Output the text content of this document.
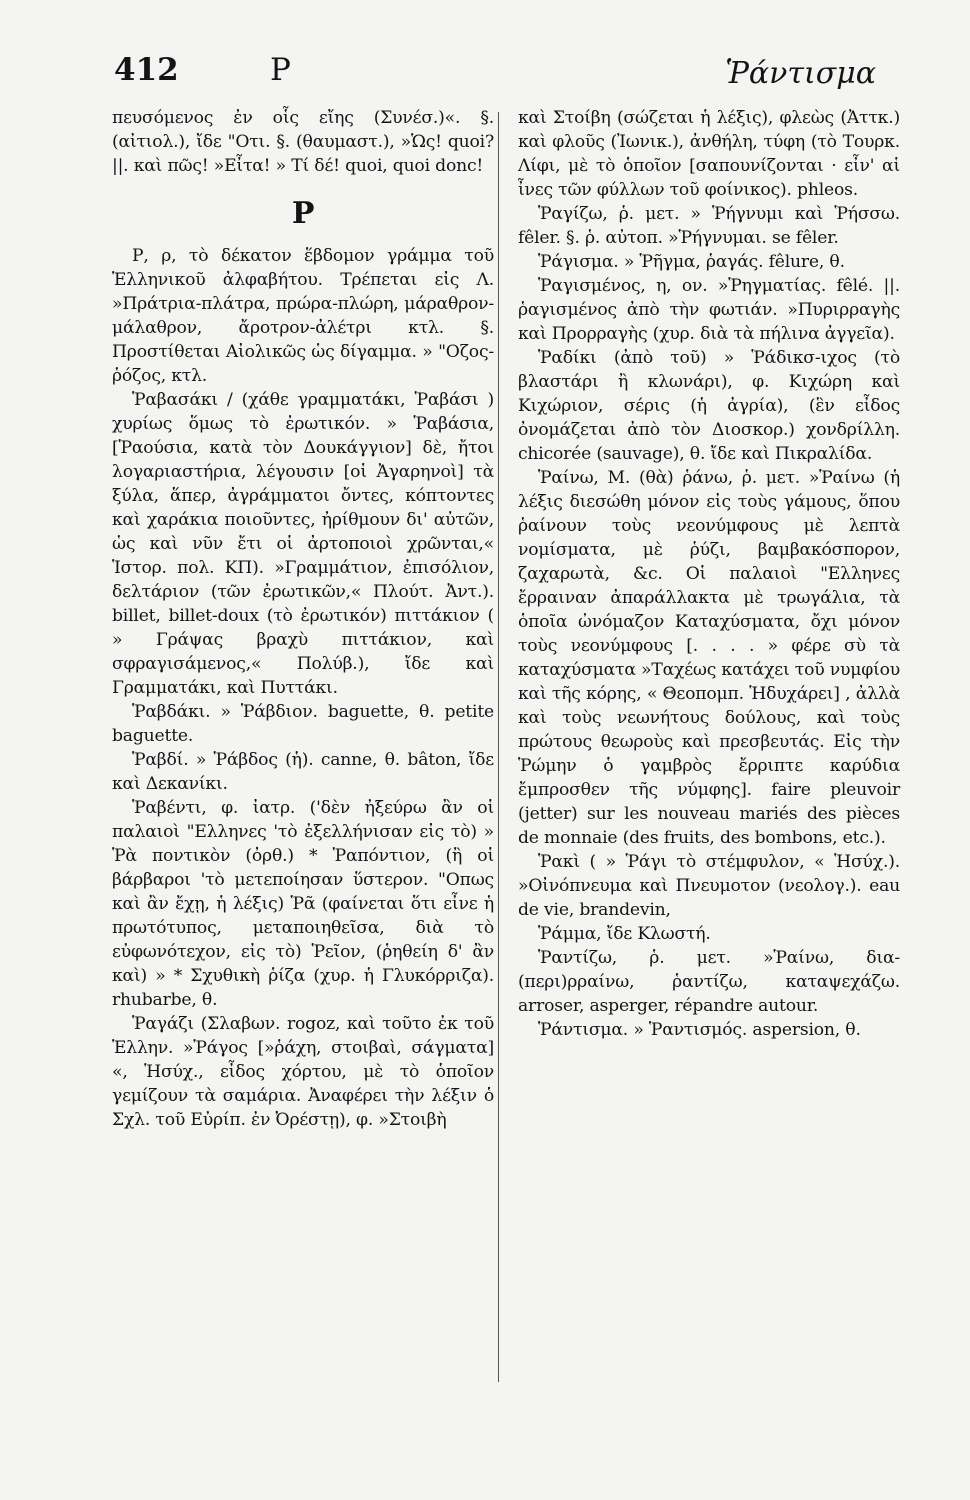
412	Ρ	Ῥάντισμα

πευσόμενος ἐν οἷς εἴης (Συνέσ.)«. §. (αἰτιολ.), ἴδε "Οτι. §. (θαυμαστ.), »Ὡς! quoi? ||. καὶ πῶς! »Εἶτα! » Τί δέ! quoi, quoi donc!

Ρ

Ρ, ρ, τὸ δέκατον ἕβδομον γράμμα τοῦ Ἑλληνικοῦ ἀλφαβήτου. Τρέπεται εἰς Λ. »Πράτρια-πλάτρα, πρώρα-πλώρη, μάραθρον-μάλαθρον, ἄροτρον-ἀλέτρι κτλ. §. Προστίθεται Αἰολικῶς ὡς δίγαμμα. » "Οζος-ῥόζος, κτλ.

Ῥαβασάκι / (χάθε γραμματάκι, Ῥαβάσι ) χυρίως ὅμως τὸ ἐρωτικόν. » Ῥαβάσια, [Ῥαούσια, κατὰ τὸν Δουκάγγιον] δὲ, ἤτοι λογαριαστήρια, λέγουσιν [οἱ Ἀγαρηνοὶ] τὰ ξύλα, ἅπερ, ἀγράμματοι ὄντες, κόπτοντες καὶ χαράκια ποιοῦντες, ἠρίθμουν δι' αὐτῶν, ὡς καὶ νῦν ἔτι οἱ ἀρτοποιοὶ χρῶνται,« Ἱστορ. πολ. ΚΠ). »Γραμμάτιον, ἐπισόλιον, δελτάριον (τῶν ἐρωτικῶν,« Πλούτ. Ἀντ.). billet, billet-doux (τὸ ἐρωτικόν) πιττάκιον ( » Γράψας βραχὺ πιττάκιον, καὶ σφραγισάμενος,« Πολύβ.), ἴδε καὶ Γραμματάκι, καὶ Πυττάκι.

Ῥαβδάκι. » Ῥάβδιον. baguette, θ. petite baguette.

Ῥαβδί. » Ῥάβδος (ἡ). canne, θ. bâton, ἴδε καὶ Δεκανίκι.

Ῥαβέντι, φ. ἰατρ. ('δὲν ἠξεύρω ἂν οἱ παλαιοὶ "Ελληνες 'τὸ ἐξελλήνισαν εἰς τὸ) » Ῥὰ ποντικὸν (ὀρθ.) * Ῥαπόντιον, (ἢ οἱ βάρβαροι 'τὸ μετεποίησαν ὕστερον. "Οπως καὶ ἂν ἔχῃ, ἡ λέξις) Ῥᾶ (φαίνεται ὅτι εἶνε ἡ πρωτότυπος, μεταποιηθεῖσα, διὰ τὸ εὐφωνότεχον, εἰς τὸ) Ῥεῖον, (ῥηθείη δ' ἂν καὶ) » * Σχυθικὴ ῥίζα (χυρ. ἡ Γλυκόρριζα). rhubarbe, θ.

Ῥαγάζι (Σλαβων. rogoz, καὶ τοῦτο ἐκ τοῦ Ἑλλην. »Ῥάγος [»ῥάχη, στοιβαὶ, σάγματα] «, Ἡσύχ., εἶδος χόρτου, μὲ τὸ ὁποῖον γεμίζουν τὰ σαμάρια. Ἀναφέρει τὴν λέξιν ὁ Σχλ. τοῦ Εὐρίπ. ἐν Ὀρέστῃ), φ. »Στοιβὴ

καὶ Στοίβη (σώζεται ἡ λέξις), φλεὼς (Ἀττκ.) καὶ φλοῦς (Ἰωνικ.), ἀνθήλη, τύφη (τὸ Τουρκ. Λίφι, μὲ τὸ ὁποῖον [σαπουνίζονται · εἶν' αἱ ἶνες τῶν φύλλων τοῦ φοίνικος). phleos.

Ῥαγίζω, ῥ. μετ. » Ῥήγνυμι καὶ Ῥήσσω. fêler. §. ῥ. αὐτοπ. »Ῥήγνυμαι. se fêler.

Ῥάγισμα. » Ῥῆγμα, ῥαγάς. fêlure, θ.

Ῥαγισμένος, η, ον. »Ῥηγματίας. fêlé. ||. ῥαγισμένος ἀπὸ τὴν φωτιάν. »Πυριρραγὴς καὶ Προρραγὴς (χυρ. διὰ τὰ πήλινα ἀγγεῖα).

Ῥαδίκι (ἀπὸ τοῦ) » Ῥάδικσ-ιχος (τὸ βλαστάρι ἢ κλωνάρι), φ. Κιχώρη καὶ Κιχώριον, σέρις (ἡ ἀγρία), (ἓν εἶδος ὀνομάζεται ἀπὸ τὸν Διοσκορ.) χονδρίλλη. chicorée (sauvage), θ. ἴδε καὶ Πικραλίδα.

Ῥαίνω, Μ. (θὰ) ῥάνω, ῥ. μετ. »Ῥαίνω (ἡ λέξις διεσώθη μόνον εἰς τοὺς γάμους, ὅπου ῥαίνουν τοὺς νεονύμφους μὲ λεπτὰ νομίσματα, μὲ ῥύζι, βαμβακόσπορον, ζαχαρωτὰ, &c. Οἱ παλαιοὶ "Ελληνες ἔρραιναν ἀπαράλλακτα μὲ τρωγάλια, τὰ ὁποῖα ὠνόμαζον Καταχύσματα, ὄχι μόνον τοὺς νεονύμφους [. . . . » φέρε σὺ τὰ καταχύσματα »Ταχέως κατάχει τοῦ νυμφίου καὶ τῆς κόρης, « Θεοπομπ. Ἡδυχάρει] , ἀλλὰ καὶ τοὺς νεωνήτους δούλους, καὶ τοὺς πρώτους θεωροὺς καὶ πρεσβευτάς. Εἰς τὴν Ῥώμην ὁ γαμβρὸς ἔρριπτε καρύδια ἔμπροσθεν τῆς νύμφης]. faire pleuvoir (jetter) sur les nouveau mariés des pièces de monnaie (des fruits, des bombons, etc.).

Ῥακὶ ( » Ῥάγι τὸ στέμφυλον, « Ἡσύχ.). »Οἰνόπνευμα καὶ Πνευμοτον (νεολογ.). eau de vie, brandevin,

Ῥάμμα, ἴδε Κλωστή.

Ῥαντίζω, ῥ. μετ. »Ῥαίνω, δια-(περι)ρραίνω, ῥαντίζω, καταψεχάζω. arroser, asperger, répandre autour.

Ῥάντισμα. » Ῥαντισμός. aspersion, θ.
